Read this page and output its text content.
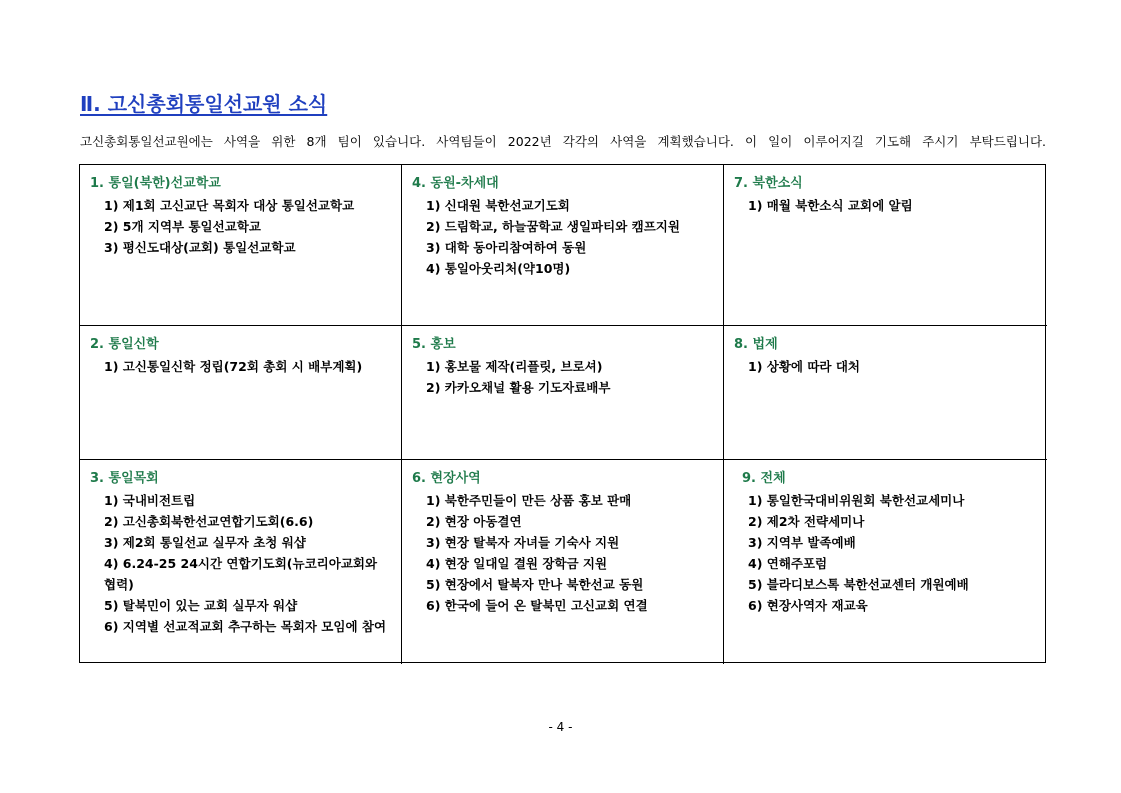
Ⅱ. 고신총회통일선교원 소식
고신총회통일선교원에는 사역을 위한 8개 팀이 있습니다. 사역팀들이 2022년 각각의 사역을 계획했습니다. 이 일이 이루어지길 기도해 주시기 부탁드립니다.
1. 통일(북한)선교학교
1) 제1회 고신교단 목회자 대상 통일선교학교
2) 5개 지역부 통일선교학교
3) 평신도대상(교회) 통일선교학교
4. 동원-차세대
1) 신대원 북한선교기도회
2) 드림학교, 하늘꿈학교 생일파티와 캠프지원
3) 대학 동아리참여하여 동원
4) 통일아웃리처(약10명)
7. 북한소식
1) 매월 북한소식 교회에 알림
2. 통일신학
1) 고신통일신학 정립(72회 총회 시 배부계획)
5. 홍보
1) 홍보물 제작(리플릿, 브로셔)
2) 카카오채널 활용 기도자료배부
8. 법제
1) 상황에 따라 대처
3. 통일목회
1) 국내비전트립
2) 고신총회북한선교연합기도회(6.6)
3) 제2회 통일선교 실무자 초청 워샵
4) 6.24-25 24시간 연합기도회(뉴코리아교회와 협력)
5) 탈북민이 있는 교회 실무자 워샵
6) 지역별 선교적교회 추구하는 목회자 모임에 참여
6. 현장사역
1) 북한주민들이 만든 상품 홍보 판매
2) 현장 아동결연
3) 현장 탈북자 자녀들 기숙사 지원
4) 현장 일대일 결원 장학금 지원
5) 현장에서 탈북자 만나 북한선교 동원
6) 한국에 들어 온 탈북민 고신교회 연결
9. 전체
1) 통일한국대비위원회 북한선교세미나
2) 제2차 전략세미나
3) 지역부 발족예배
4) 연해주포럼
5) 블라디보스톡 북한선교센터 개원예배
6) 현장사역자 재교육
- 4 -
